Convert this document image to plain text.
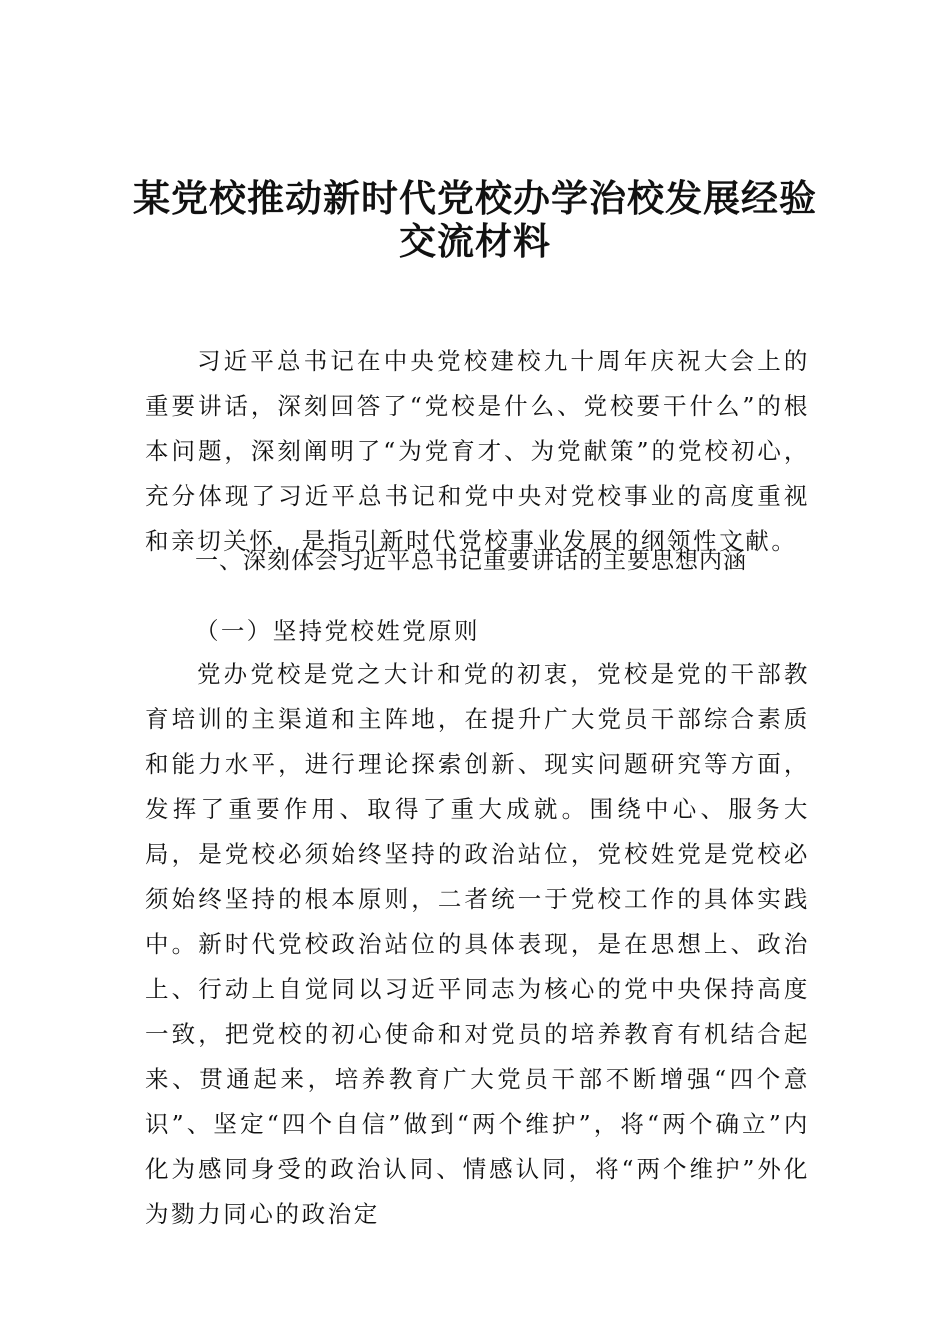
某党校推动新时代党校办学治校发展经验
交流材料

习近平总书记在中央党校建校九十周年庆祝大会上的重要讲话，深刻回答了“党校是什么、党校要干什么”的根本问题，深刻阐明了“为党育才、为党献策”的党校初心，充分体现了习近平总书记和党中央对党校事业的高度重视和亲切关怀，是指引新时代党校事业发展的纲领性文献。

一、深刻体会习近平总书记重要讲话的主要思想内涵
（一）坚持党校姓党原则

党办党校是党之大计和党的初衷，党校是党的干部教育培训的主渠道和主阵地，在提升广大党员干部综合素质和能力水平，进行理论探索创新、现实问题研究等方面，发挥了重要作用、取得了重大成就。围绕中心、服务大局，是党校必须始终坚持的政治站位，党校姓党是党校必须始终坚持的根本原则，二者统一于党校工作的具体实践中。新时代党校政治站位的具体表现，是在思想上、政治上、行动上自觉同以习近平同志为核心的党中央保持高度一致，把党校的初心使命和对党员的培养教育有机结合起来、贯通起来，培养教育广大党员干部不断增强“四个意识”、坚定“四个自信”做到“两个维护”，将“两个确立”内化为感同身受的政治认同、情感认同，将“两个维护”外化为勠力同心的政治定
